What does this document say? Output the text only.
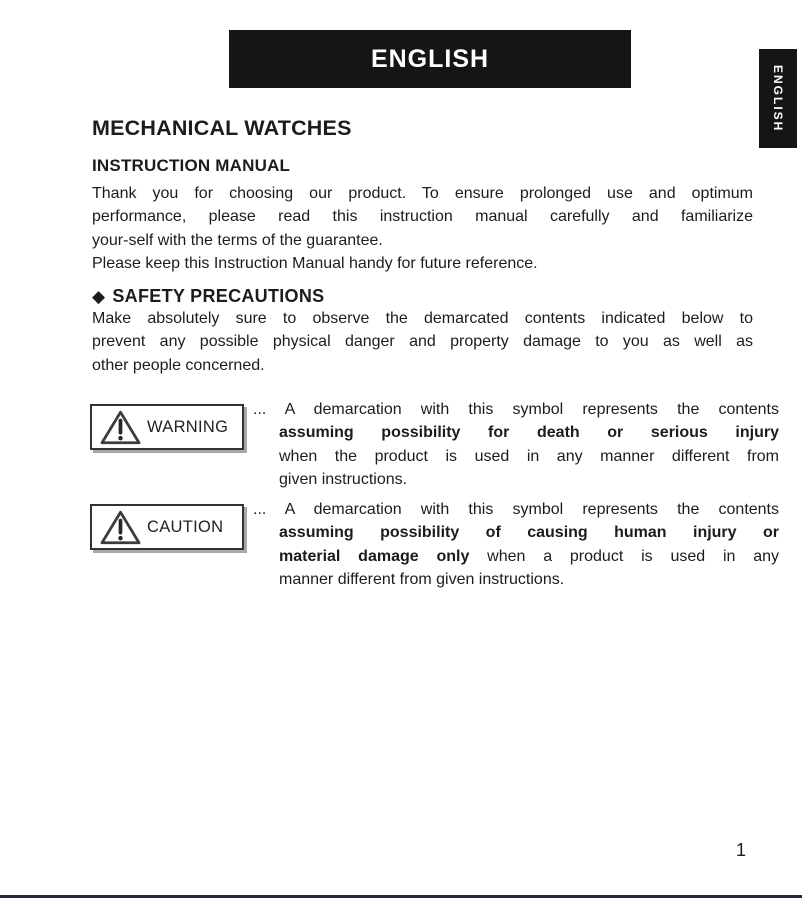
ENGLISH
ENGLISH
MECHANICAL WATCHES
INSTRUCTION MANUAL
Thank you for choosing our product. To ensure prolonged use and optimum
performance, please read this instruction manual carefully and familiarize
your-self with the terms of the guarantee.
Please keep this Instruction Manual handy for future reference.
◆ SAFETY PRECAUTIONS
Make absolutely sure to observe the demarcated contents indicated below to
prevent any possible physical danger and property damage to you as well as
other people concerned.
WARNING
... A demarcation with this symbol represents the contents
assuming possibility for death or serious injury
when the product is used in any manner different from
given instructions.
CAUTION
... A demarcation with this symbol represents the contents
assuming possibility of causing human injury or
material damage only when a product is used in any
manner different from given instructions.
1
